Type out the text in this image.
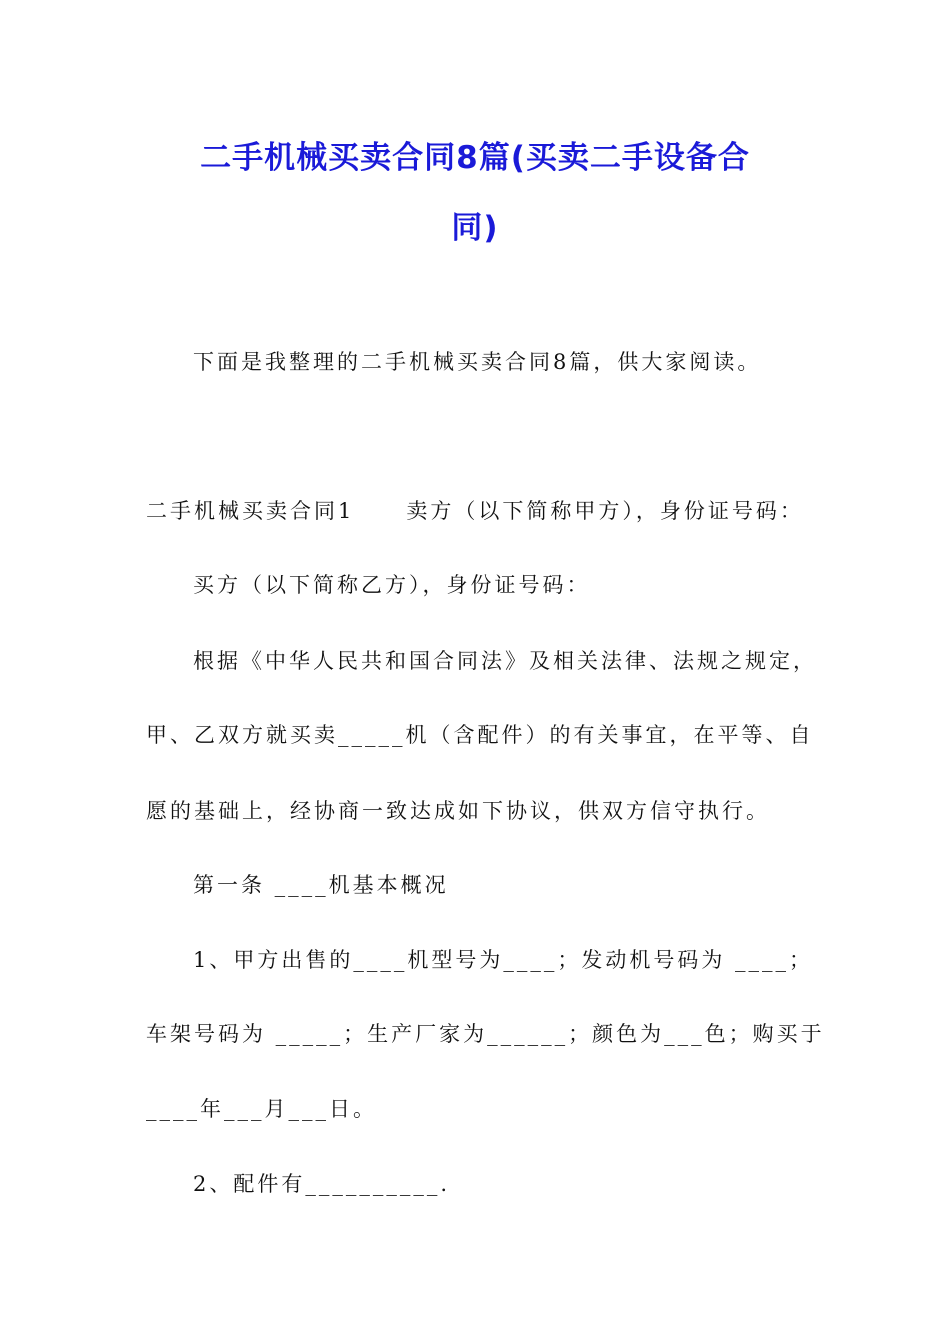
二手机械买卖合同8篇(买卖二手设备合
同)
下面是我整理的二手机械买卖合同8篇，供大家阅读。
二手机械买卖合同1 卖方（以下简称甲方），身份证号码：
买方（以下简称乙方），身份证号码：
根据《中华人民共和国合同法》及相关法律、法规之规定，
甲、乙双方就买卖_____机（含配件）的有关事宜，在平等、自
愿的基础上，经协商一致达成如下协议，供双方信守执行。
第一条 ____机基本概况
1、甲方出售的____机型号为____；发动机号码为 ____；
车架号码为 _____；生产厂家为______；颜色为___色；购买于
____年___月___日。
2、配件有__________.
